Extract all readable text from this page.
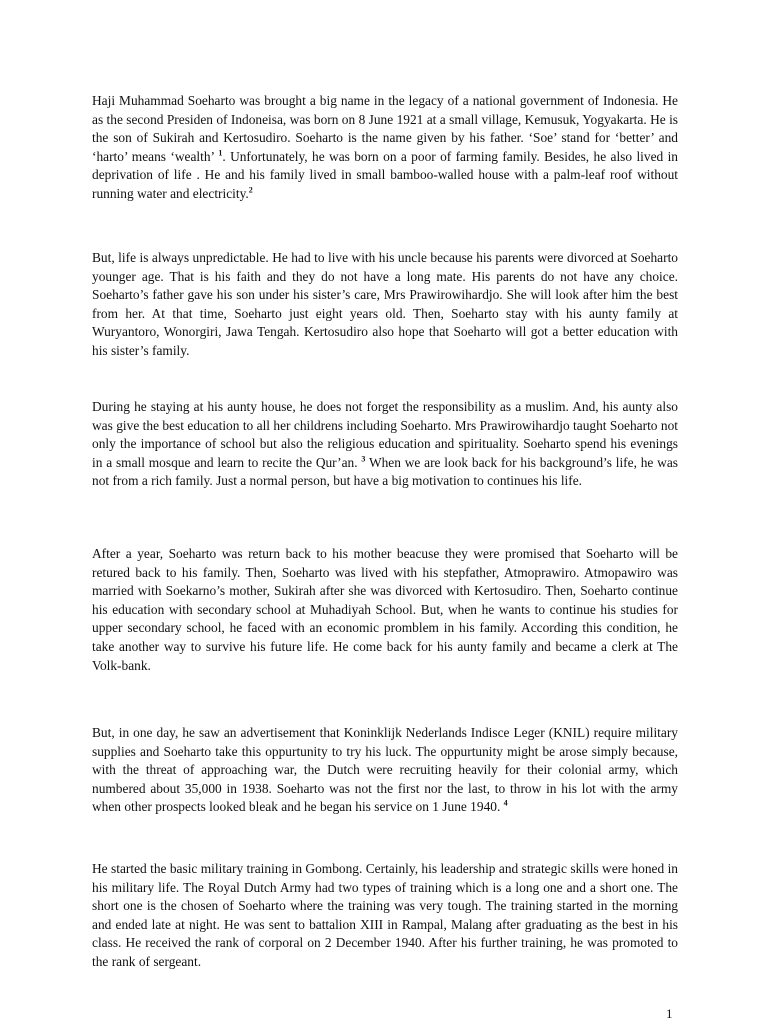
Haji Muhammad Soeharto was brought a big name in the legacy of a national government of Indonesia. He as the second Presiden of Indoneisa, was born on 8 June 1921 at a small village, Kemusuk, Yogyakarta. He is the son of Sukirah and Kertosudiro. Soeharto is the name given by his father. ‘Soe’ stand for ‘better’ and ‘harto’ means ‘wealth’ $^1$. Unfortunately, he was born on a poor of farming family. Besides, he also lived in deprivation of life . He and his family lived in small bamboo-walled house with a palm-leaf roof without running water and electricity.$^2$

But, life is always unpredictable. He had to live with his uncle because his parents were divorced at Soeharto younger age. That is his faith and they do not have a long mate. His parents do not have any choice. Soeharto’s father gave his son under his sister’s care, Mrs Prawirowihardjo. She will look after him the best from her. At that time, Soeharto just eight years old. Then, Soeharto stay with his aunty family at Wuryantoro, Wonorgiri, Jawa Tengah. Kertosudiro also hope that Soeharto will got a better education with his sister’s family.

During he staying at his aunty house, he does not forget the responsibility as a muslim. And, his aunty also was give the best education to all her childrens including Soeharto. Mrs Prawirowihardjo taught Soeharto not only the importance of school but also the religious education and spirituality. Soeharto spend his evenings in a small mosque and learn to recite the Qur’an. $^3$ When we are look back for his background’s life, he was not from a rich family. Just a normal person, but have a big motivation to continues his life.

After a year, Soeharto was return back to his mother beacuse they were promised that Soeharto will be retured back to his family. Then, Soeharto was lived with his stepfather, Atmoprawiro. Atmopawiro was married with Soekarno’s mother, Sukirah after she was divorced with Kertosudiro. Then, Soeharto continue his education with secondary school at Muhadiyah School. But, when he wants to continue his studies for upper secondary school, he faced with an economic promblem in his family. According this condition, he take another way to survive his future life. He come back for his aunty family and became a clerk at The Volk-bank.

But, in one day, he saw an advertisement that Koninklijk Nederlands Indisce Leger (KNIL) require military supplies and Soeharto take this oppurtunity to try his luck. The oppurtunity might be arose simply because, with the threat of approaching war, the Dutch were recruiting heavily for their colonial army, which numbered about 35,000 in 1938. Soeharto was not the first nor the last, to throw in his lot with the army when other prospects looked bleak and he began his service on 1 June 1940. $^4$

He started the basic military training in Gombong. Certainly, his leadership and strategic skills were honed in his military life. The Royal Dutch Army had two types of training which is a long one and a short one. The short one is the chosen of Soeharto where the training was very tough. The training started in the morning and ended late at night. He was sent to battalion XIII in Rampal, Malang after graduating as the best in his class. He received the rank of corporal on 2 December 1940. After his further training, he was promoted to the rank of sergeant.

1
